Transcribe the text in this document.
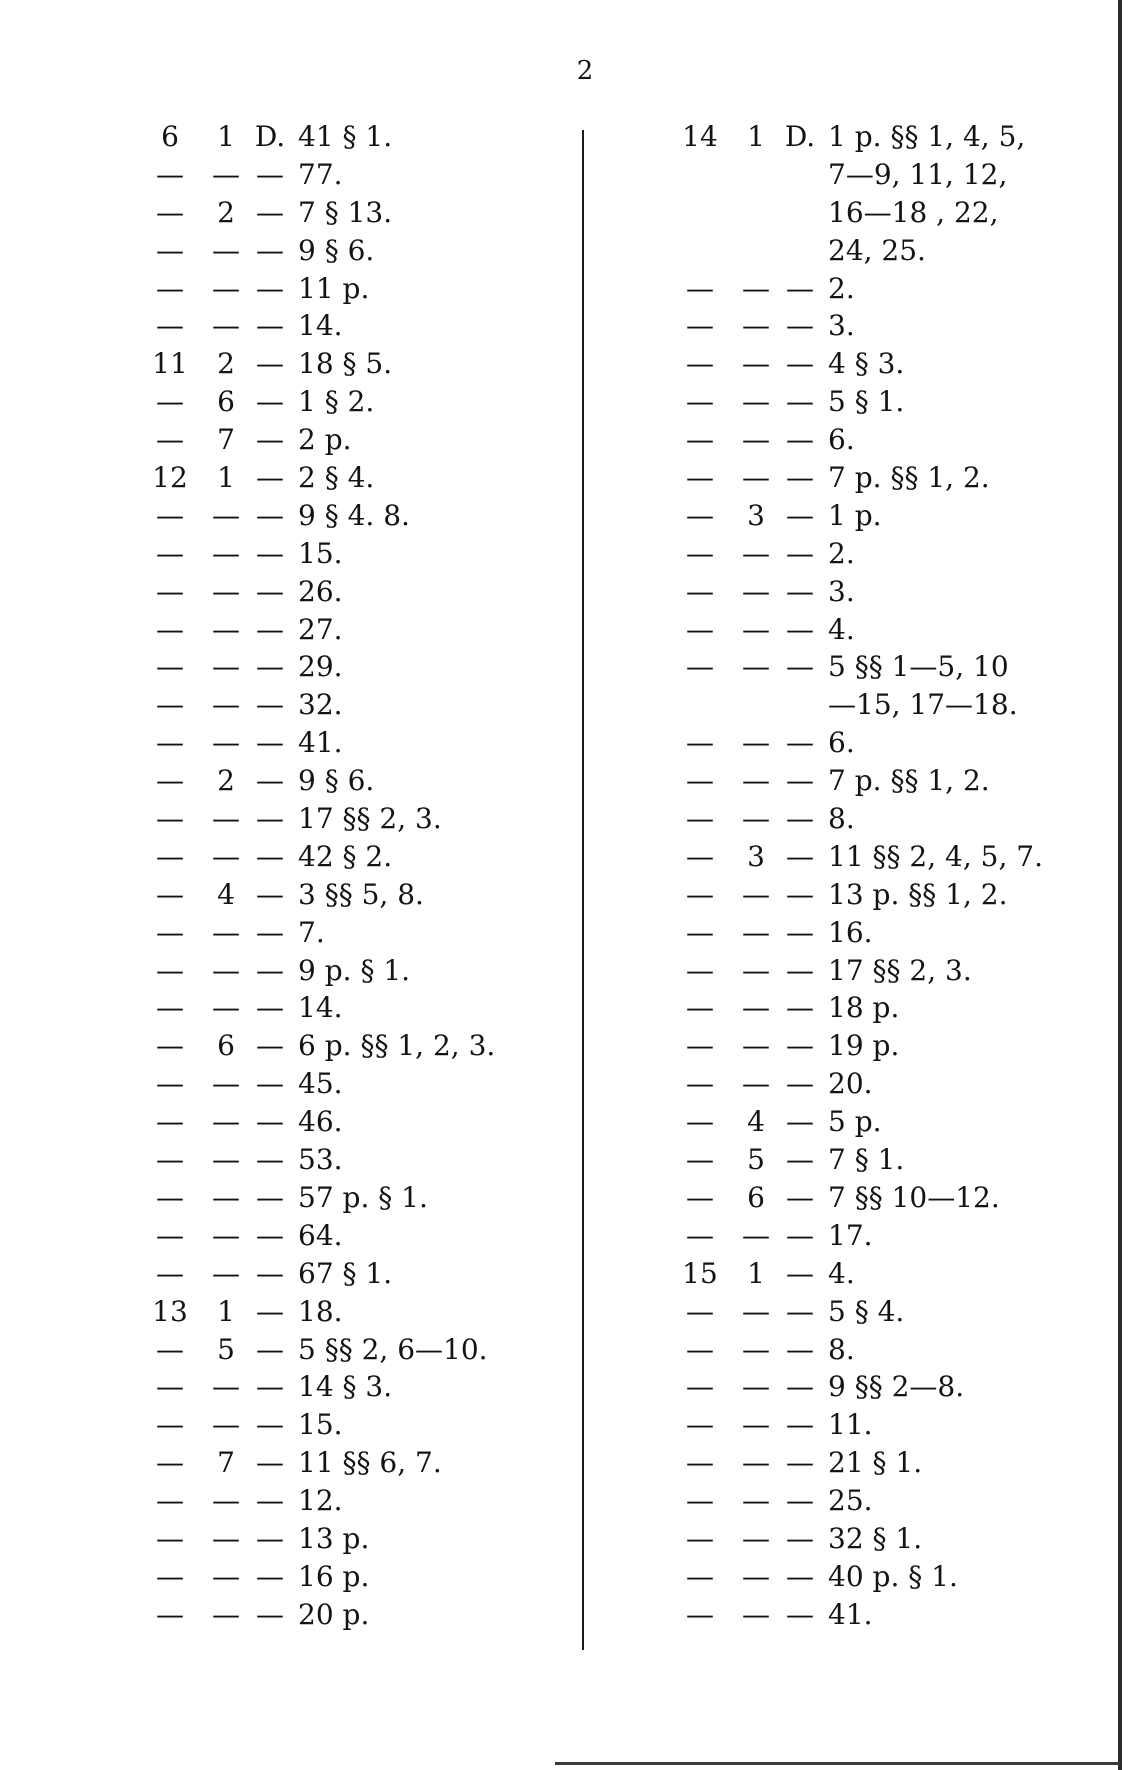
2
6	1 D. 41 § 1.
— — — 77.
—	2 — 7 § 13.
— — — 9 § 6.
— — — 11 p.
— — — 14.
11	2 — 18 § 5.
—	6 — 1 § 2.
—	7 — 2 p.
12	1 — 2 § 4.
— — — 9 § 4. 8.
— — — 15.
— — — 26.
— — — 27.
— — — 29.
— — — 32.
— — — 41.
—	2 — 9 § 6.
— — — 17 §§ 2, 3.
— — — 42 § 2.
—	4 — 3 §§ 5, 8.
— — — 7.
— — — 9 p. § 1.
— — — 14.
—	6 — 6 p. §§ 1, 2, 3.
— — — 45.
— — — 46.
— — — 53.
— — — 57 p. § 1.
— — — 64.
— — — 67 § 1.
13	1 — 18.
—	5 — 5 §§ 2, 6—10.
— — — 14 § 3.
— — — 15.
—	7 — 11 §§ 6, 7.
— — — 12.
— — — 13 p.
— — — 16 p.
— — — 20 p.
14	1 D. 1 p. §§ 1, 4, 5,
7—9, 11, 12,
16—18 , 22,
24, 25.
— — — 2.
— — — 3.
— — — 4 § 3.
— — — 5 § 1.
— — — 6.
— — — 7 p. §§ 1, 2.
—	3 — 1 p.
— — — 2.
— — — 3.
— — — 4.
— — — 5 §§ 1—5, 10
—15, 17—18.
— — — 6.
— — — 7 p. §§ 1, 2.
— — — 8.
—	3 — 11 §§ 2, 4, 5, 7.
— — — 13 p. §§ 1, 2.
— — — 16.
— — — 17 §§ 2, 3.
— — — 18 p.
— — — 19 p.
— — — 20.
—	4 — 5 p.
—	5 — 7 § 1.
—	6 — 7 §§ 10—12.
— — — 17.
15	1 — 4.
— — — 5 § 4.
— — — 8.
— — — 9 §§ 2—8.
— — — 11.
— — — 21 § 1.
— — — 25.
— — — 32 § 1.
— — — 40 p. § 1.
— — — 41.
